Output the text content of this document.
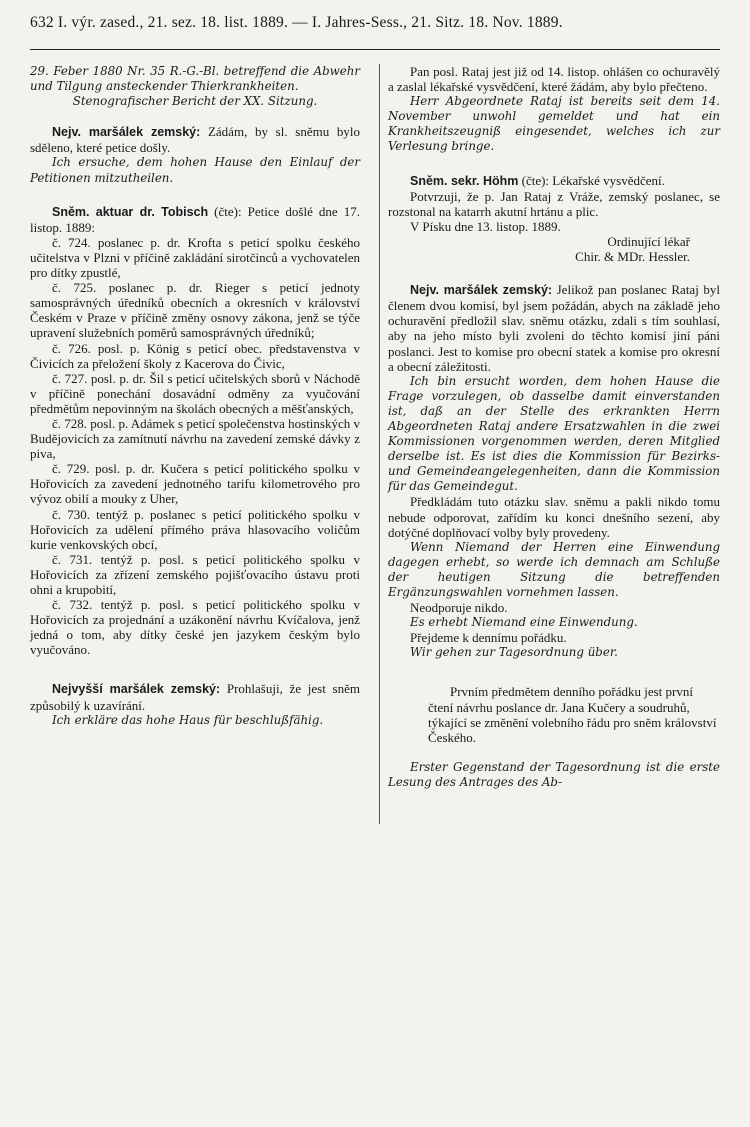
632 I. výr. zased., 21. sez. 18. list. 1889. — I. Jahres-Sess., 21. Sitz. 18. Nov. 1889.

29. Feber 1880 Nr. 35 R.-G.-Bl. betreffend die Abwehr und Tilgung ansteckender Thierkrankheiten.

Stenografischer Bericht der XX. Sitzung.

Nejv. maršálek zemský: Zádám, by sl. sněmu bylo sděleno, které petice došly.

Ich ersuche, dem hohen Hause den Einlauf der Petitionen mitzutheilen.

Sněm. aktuar dr. Tobisch (čte): Petice došlé dne 17. listop. 1889:

č. 724. poslanec p. dr. Krofta s peticí spolku českého učitelstva v Plzni v příčině zakládání sirotčinců a vychovatelen pro dítky zpustlé,

č. 725. poslanec p. dr. Rieger s peticí jednoty samosprávných úředníků obecních a okresních v království Českém v Praze v příčině změny osnovy zákona, jenž se týče upravení služebních poměrů samosprávných úředníků;

č. 726. posl. p. König s peticí obec. představenstva v Čivicích za přeložení školy z Kacerova do Čivic,

č. 727. posl. p. dr. Šil s peticí učitelských sborů v Náchodě v příčině ponechání dosavádní odměny za vyučování předmětům nepovinným na školách obecných a měšťanských,

č. 728. posl. p. Adámek s peticí společenstva hostinských v Budějovicích za zamítnutí návrhu na zavedení zemské dávky z piva,

č. 729. posl. p. dr. Kučera s peticí politického spolku v Hořovicích za zavedení jednotného tarifu kilometrového pro vývoz obilí a mouky z Uher,

č. 730. tentýž p. poslanec s peticí politického spolku v Hořovicích za udělení přímého práva hlasovacího voličům kurie venkovských obcí,

č. 731. tentýž p. posl. s peticí politického spolku v Hořovicích za zřízení zemského pojišťovacího ústavu proti ohni a krupobití,

č. 732. tentýž p. posl. s peticí politického spolku v Hořovicích za projednání a uzákonění návrhu Kvíčalova, jenž jedná o tom, aby dítky české jen jazykem českým bylo vyučováno.

Nejvyšší maršálek zemský: Prohlašuji, že jest sněm způsobilý k uzavírání.

Ich erkläre das hohe Haus für beschlußfähig.

Pan posl. Rataj jest již od 14. listop. ohlášen co ochuravělý a zaslal lékařské vysvědčení, které žádám, aby bylo přečteno.

Herr Abgeordnete Rataj ist bereits seit dem 14. November unwohl gemeldet und hat ein Krankheitszeugniß eingesendet, welches ich zur Verlesung bringe.

Sněm. sekr. Höhm (čte): Lékařské vysvědčení.

Potvrzuji, že p. Jan Rataj z Vráže, zemský poslanec, se rozstonal na katarrh akutní hrtánu a plic.

V Písku dne 13. listop. 1889.

Ordinující lékař

Chir. & MDr. Hessler.

Nejv. maršálek zemský: Jelikož pan poslanec Rataj byl členem dvou komisí, byl jsem požádán, abych na základě jeho ochuravění předložil slav. sněmu otázku, zdali s tím souhlasí, aby na jeho místo byli zvoleni do těchto komisí jiní páni poslanci. Jest to komise pro obecní statek a komise pro okresní a obecní záležitosti.

Ich bin ersucht worden, dem hohen Hause die Frage vorzulegen, ob dasselbe damit einverstanden ist, daß an der Stelle des erkrankten Herrn Abgeordneten Rataj andere Ersatzwahlen in die zwei Kommissionen vorgenommen werden, deren Mitglied derselbe ist. Es ist dies die Kommission für Bezirks- und Gemeindeangelegenheiten, dann die Kommission für das Gemeindegut.

Předkládám tuto otázku slav. sněmu a pakli nikdo tomu nebude odporovat, zařídím ku konci dnešního sezení, aby dotýčné doplňovací volby byly provedeny.

Wenn Niemand der Herren eine Einwendung dagegen erhebt, so werde ich demnach am Schluße der heutigen Sitzung die betreffenden Ergänzungswahlen vornehmen lassen.

Neodporuje nikdo.

Es erhebt Niemand eine Einwendung.

Přejdeme k dennímu pořádku.

Wir gehen zur Tagesordnung über.

Prvním předmětem denního pořádku jest první čtení návrhu poslance dr. Jana Kučery a soudruhů, týkající se změnění volebního řádu pro sněm království Českého.

Erster Gegenstand der Tagesordnung ist die erste Lesung des Antrages des Ab-
